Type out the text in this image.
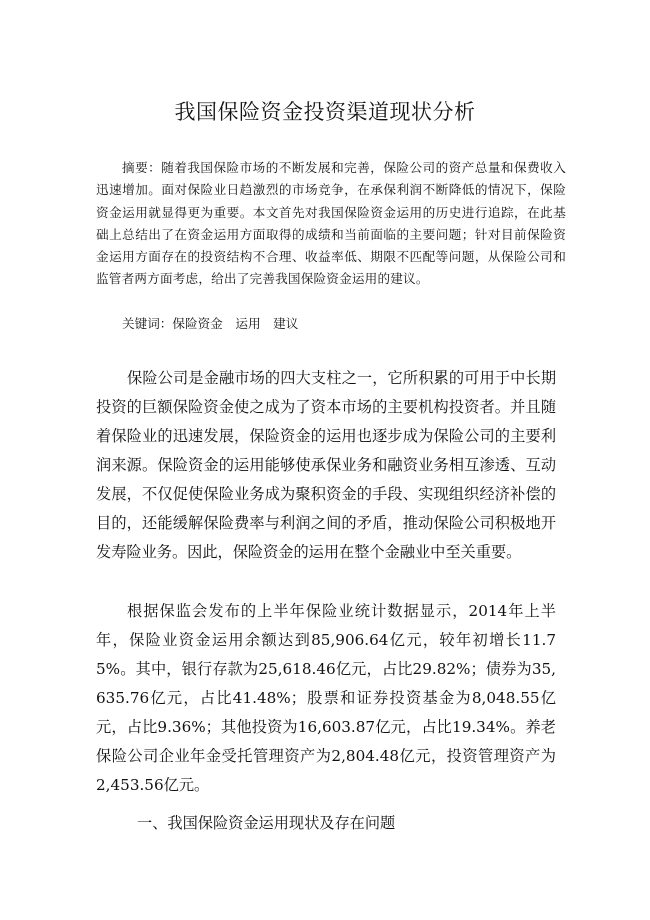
我国保险资金投资渠道现状分析

摘要：随着我国保险市场的不断发展和完善，保险公司的资产总量和保费收入迅速增加。面对保险业日趋激烈的市场竞争，在承保利润不断降低的情况下，保险资金运用就显得更为重要。本文首先对我国保险资金运用的历史进行追踪，在此基础上总结出了在资金运用方面取得的成绩和当前面临的主要问题；针对目前保险资金运用方面存在的投资结构不合理、收益率低、期限不匹配等问题，从保险公司和监管者两方面考虑，给出了完善我国保险资金运用的建议。

关键词：保险资金　运用　建议

保险公司是金融市场的四大支柱之一，它所积累的可用于中长期投资的巨额保险资金使之成为了资本市场的主要机构投资者。并且随着保险业的迅速发展，保险资金的运用也逐步成为保险公司的主要利润来源。保险资金的运用能够使承保业务和融资业务相互渗透、互动发展，不仅促使保险业务成为聚积资金的手段、实现组织经济补偿的目的，还能缓解保险费率与利润之间的矛盾，推动保险公司积极地开发寿险业务。因此，保险资金的运用在整个金融业中至关重要。

根据保监会发布的上半年保险业统计数据显示，2014年上半年，保险业资金运用余额达到85,906.64亿元，较年初增长11.75%。其中，银行存款为25,618.46亿元，占比29.82%；债券为35,635.76亿元，占比41.48%；股票和证券投资基金为8,048.55亿元，占比9.36%；其他投资为16,603.87亿元，占比19.34%。养老保险公司企业年金受托管理资产为2,804.48亿元，投资管理资产为2,453.56亿元。

一、我国保险资金运用现状及存在问题
